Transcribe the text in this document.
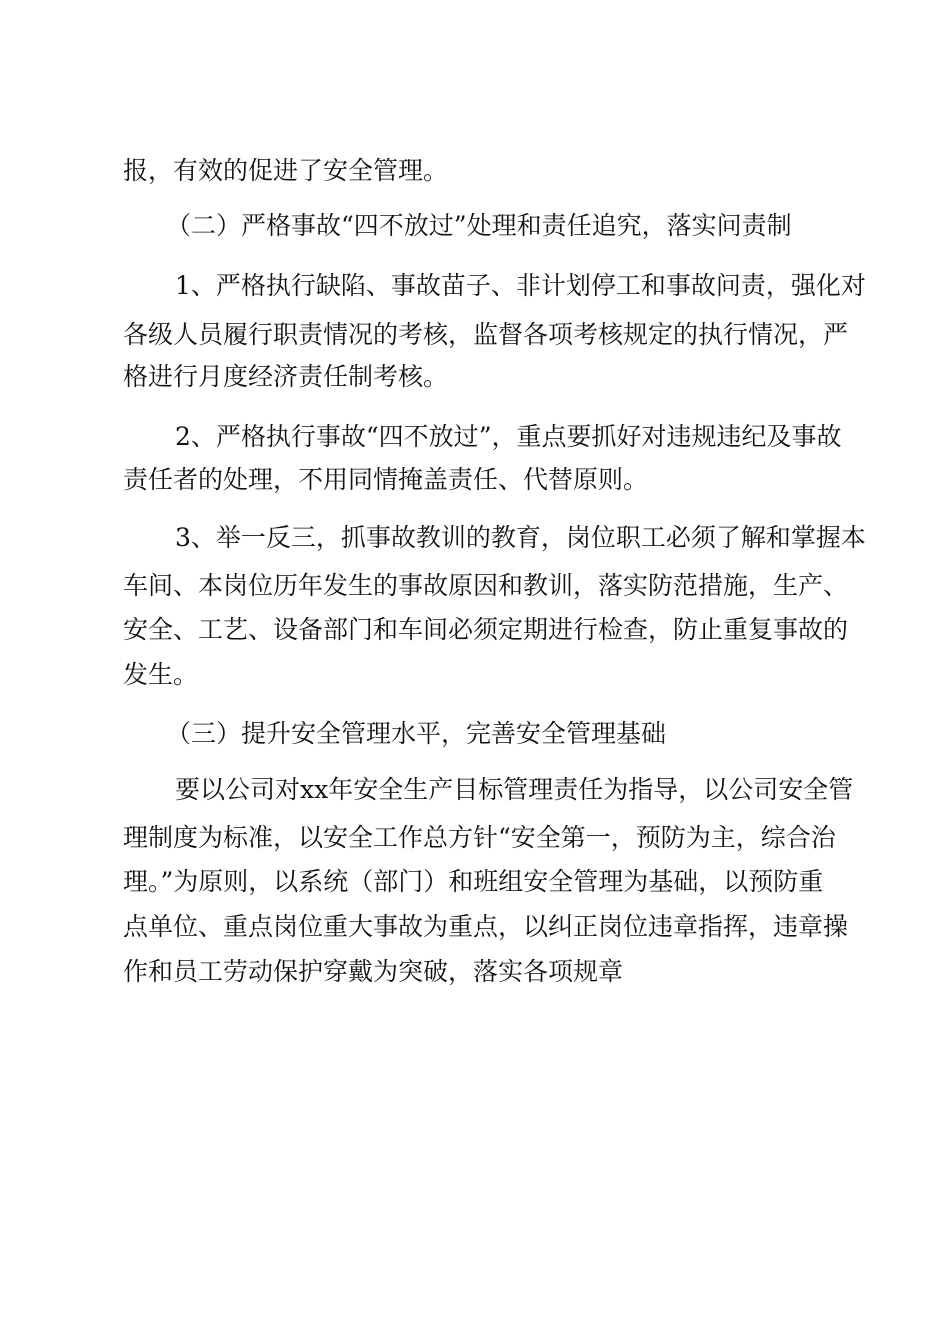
报，有效的促进了安全管理。
（二）严格事故“四不放过”处理和责任追究，落实问责制
1、严格执行缺陷、事故苗子、非计划停工和事故问责，强化对
各级人员履行职责情况的考核，监督各项考核规定的执行情况，严
格进行月度经济责任制考核。
2、严格执行事故“四不放过”，重点要抓好对违规违纪及事故
责任者的处理，不用同情掩盖责任、代替原则。
3、举一反三，抓事故教训的教育，岗位职工必须了解和掌握本
车间、本岗位历年发生的事故原因和教训，落实防范措施，生产、
安全、工艺、设备部门和车间必须定期进行检查，防止重复事故的
发生。
（三）提升安全管理水平，完善安全管理基础
要以公司对xx年安全生产目标管理责任为指导，以公司安全管
理制度为标准，以安全工作总方针“安全第一，预防为主，综合治
理。”为原则，以系统（部门）和班组安全管理为基础，以预防重
点单位、重点岗位重大事故为重点，以纠正岗位违章指挥，违章操
作和员工劳动保护穿戴为突破，落实各项规章
